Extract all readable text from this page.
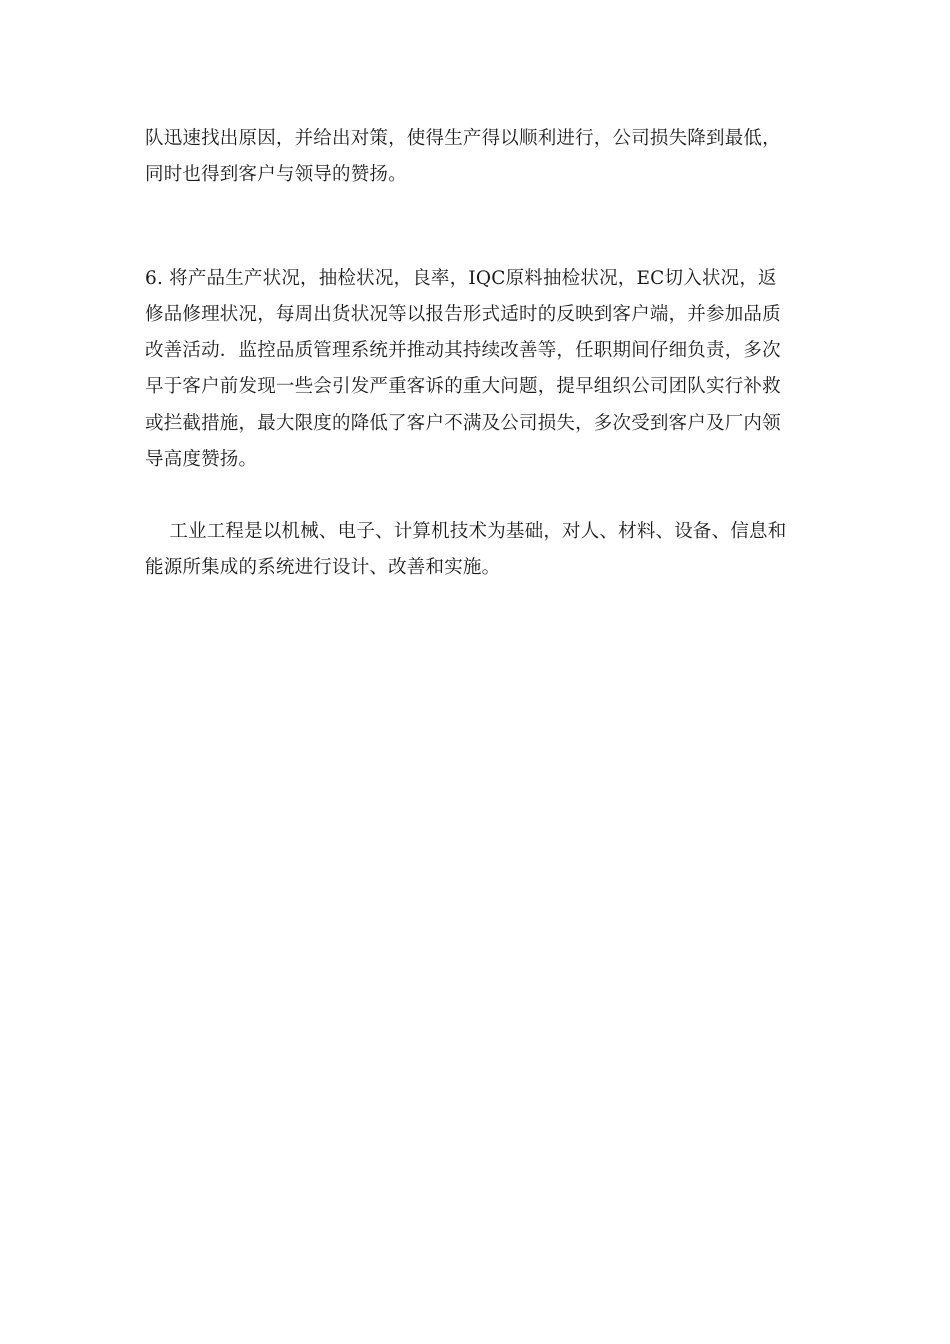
队迅速找出原因，并给出对策，使得生产得以顺利进行，公司损失降到最低，
同时也得到客户与领导的赞扬。
6. 将产品生产状况，抽检状况，良率，IQC原料抽检状况，EC切入状况，返
修品修理状况，每周出货状况等以报告形式适时的反映到客户端，并参加品质
改善活动．监控品质管理系统并推动其持续改善等，任职期间仔细负责，多次
早于客户前发现一些会引发严重客诉的重大问题，提早组织公司团队实行补救
或拦截措施，最大限度的降低了客户不满及公司损失，多次受到客户及厂内领
导高度赞扬。
工业工程是以机械、电子、计算机技术为基础，对人、材料、设备、信息和
能源所集成的系统进行设计、改善和实施。
